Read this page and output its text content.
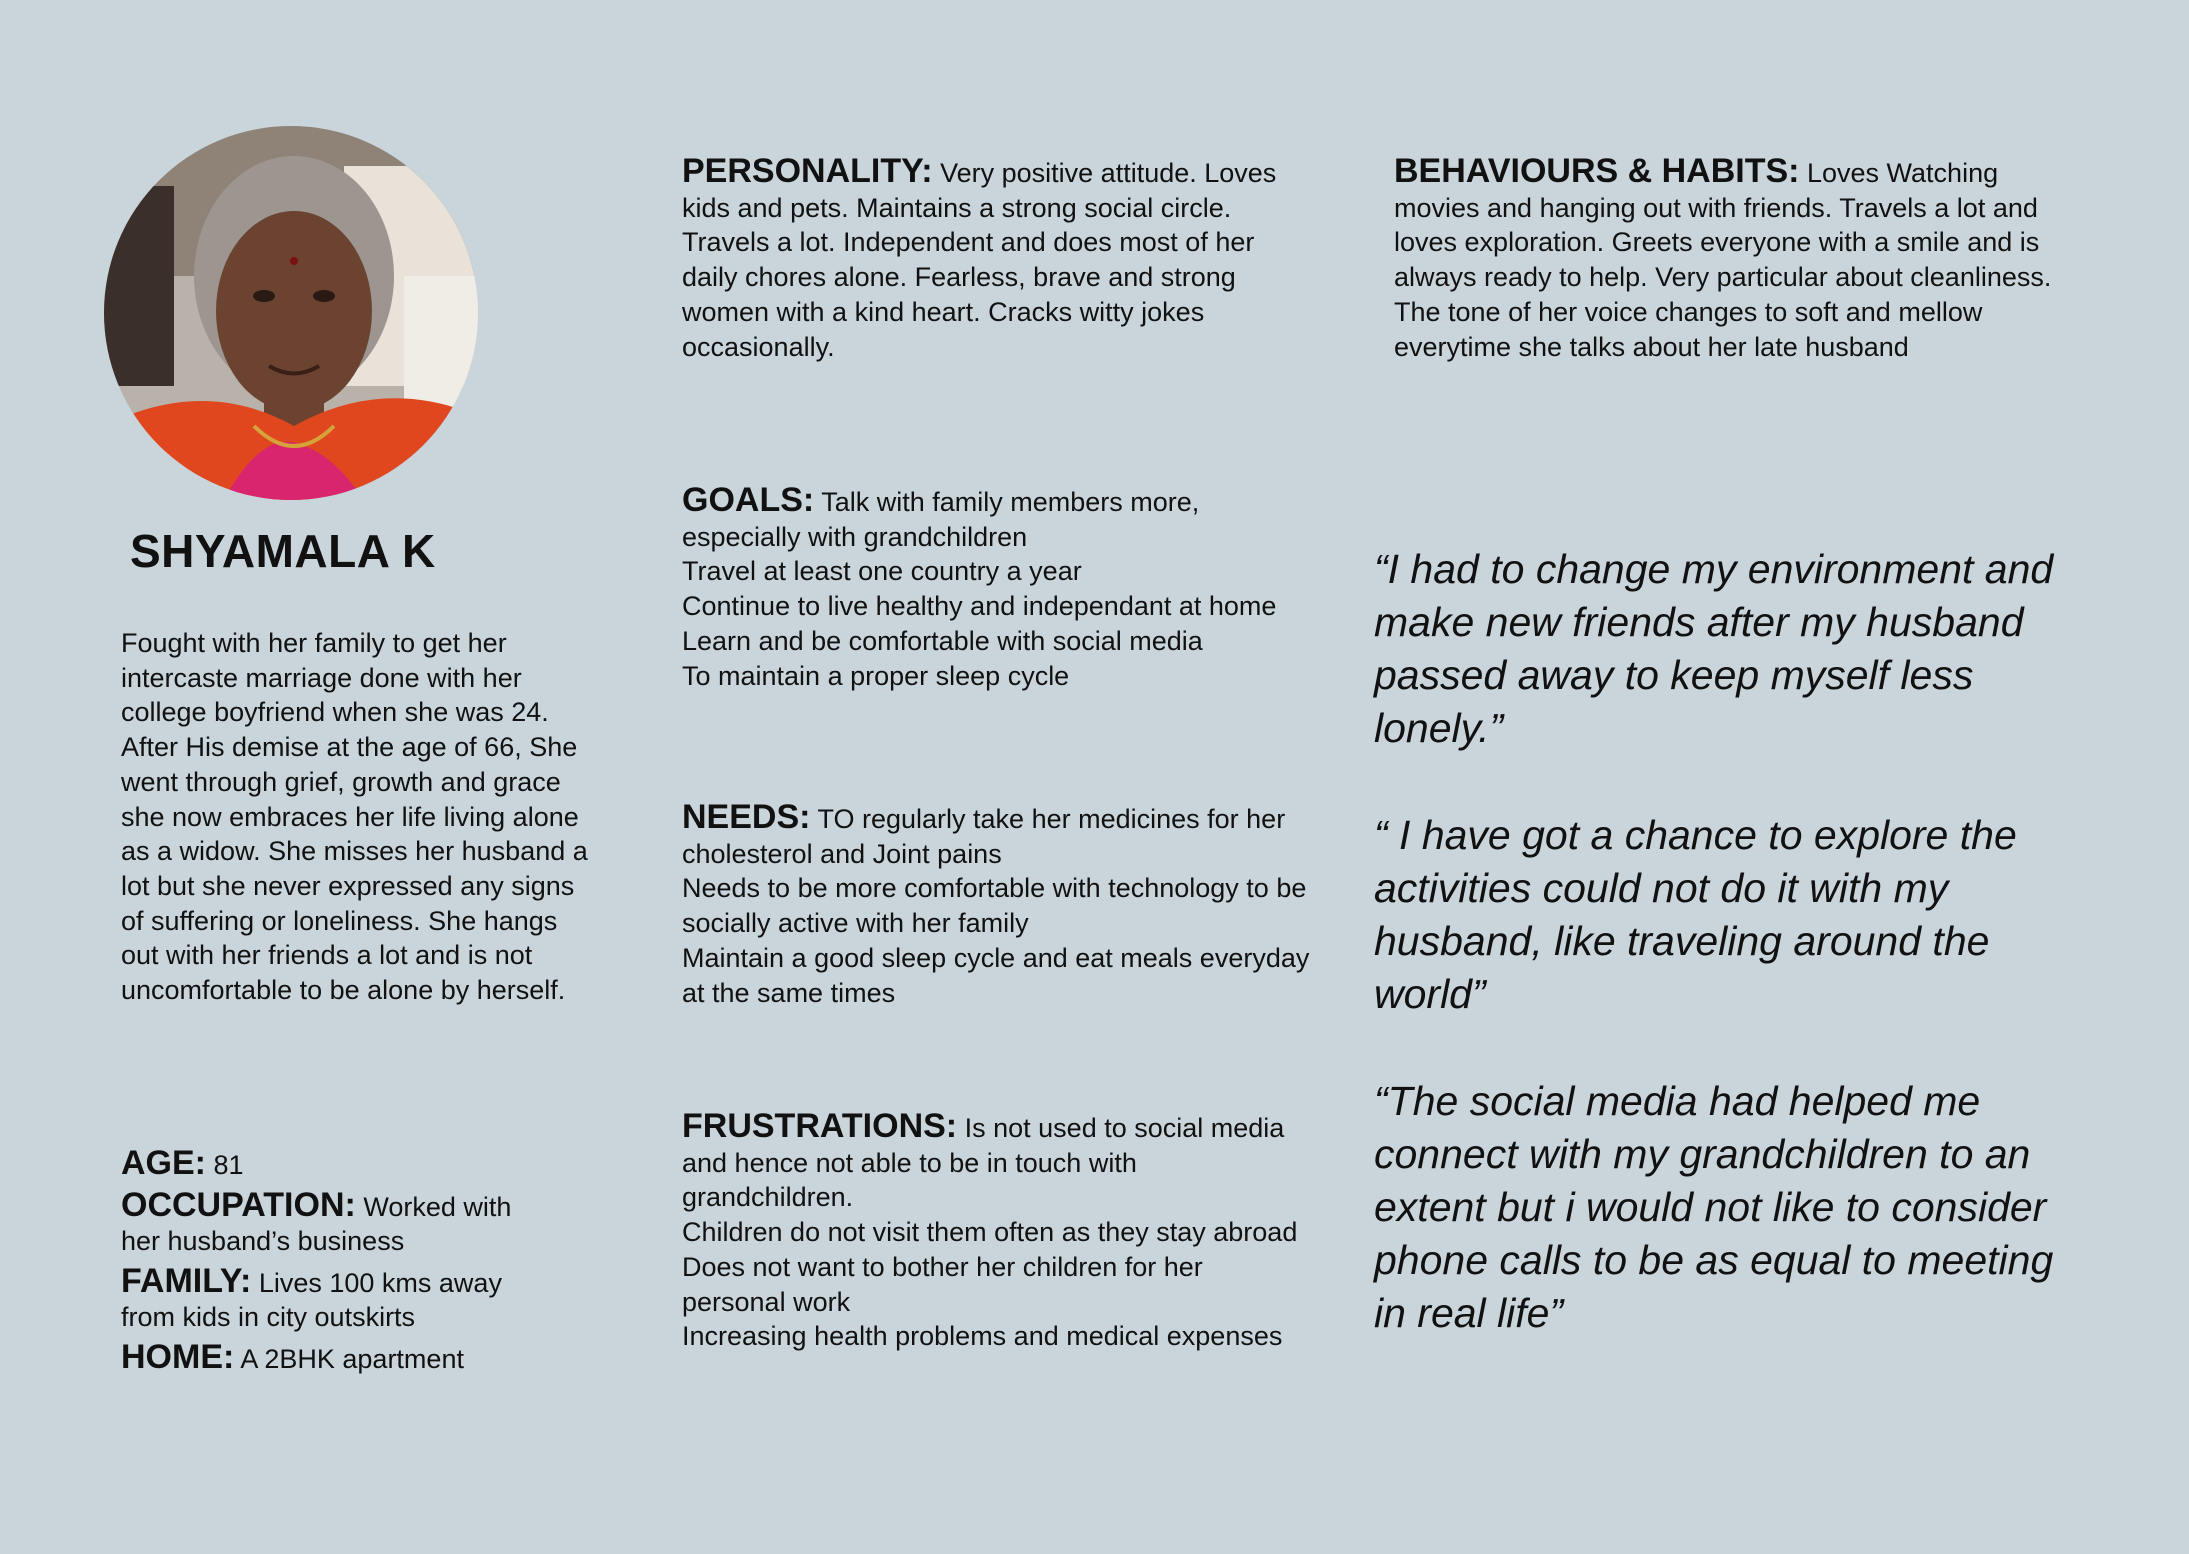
SHYAMALA K

Fought with her family to get her intercaste marriage done with her college boyfriend when she was 24. After His demise at the age of 66, She went through grief, growth and grace she now embraces her life living alone as a widow. She misses her husband a lot but she never expressed any signs of suffering or loneliness. She hangs out with her friends a lot and is not uncomfortable to be alone by herself.

AGE: 81

OCCUPATION: Worked with her husband’s business

FAMILY: Lives 100 kms away from kids in city outskirts

HOME: A 2BHK apartment

PERSONALITY: Very positive attitude. Loves kids and pets. Maintains a strong social circle. Travels a lot. Independent and does most of her daily chores alone. Fearless, brave and strong women with a kind heart. Cracks witty jokes occasionally.

GOALS: Talk with family members more, especially with grandchildren
Travel at least one country a year
Continue to live healthy and independant at home
Learn and be comfortable with social media
To maintain a proper sleep cycle

NEEDS: TO regularly take her medicines for her cholesterol and Joint pains
Needs to be more comfortable with technology to be socially active with her family
Maintain a good sleep cycle and eat meals everyday at the same times

FRUSTRATIONS: Is not used to social media and hence not able to be in touch with grandchildren.
Children do not visit them often as they stay abroad
Does not want to bother her children for her personal work
Increasing health problems and medical expenses

BEHAVIOURS & HABITS: Loves Watching movies and hanging out with friends. Travels a lot and loves exploration. Greets everyone with a smile and is always ready to help. Very particular about cleanliness. The tone of her voice changes to soft and mellow everytime she talks about her late husband

“I had to change my environment and make new friends after my husband passed away to keep myself less lonely.”

“ I have got a chance to explore the activities could not do it with my husband, like traveling around the world”

“The social media had helped me connect with my grandchildren to an extent but i would not like to consider phone calls to be as equal to meeting in real life”
